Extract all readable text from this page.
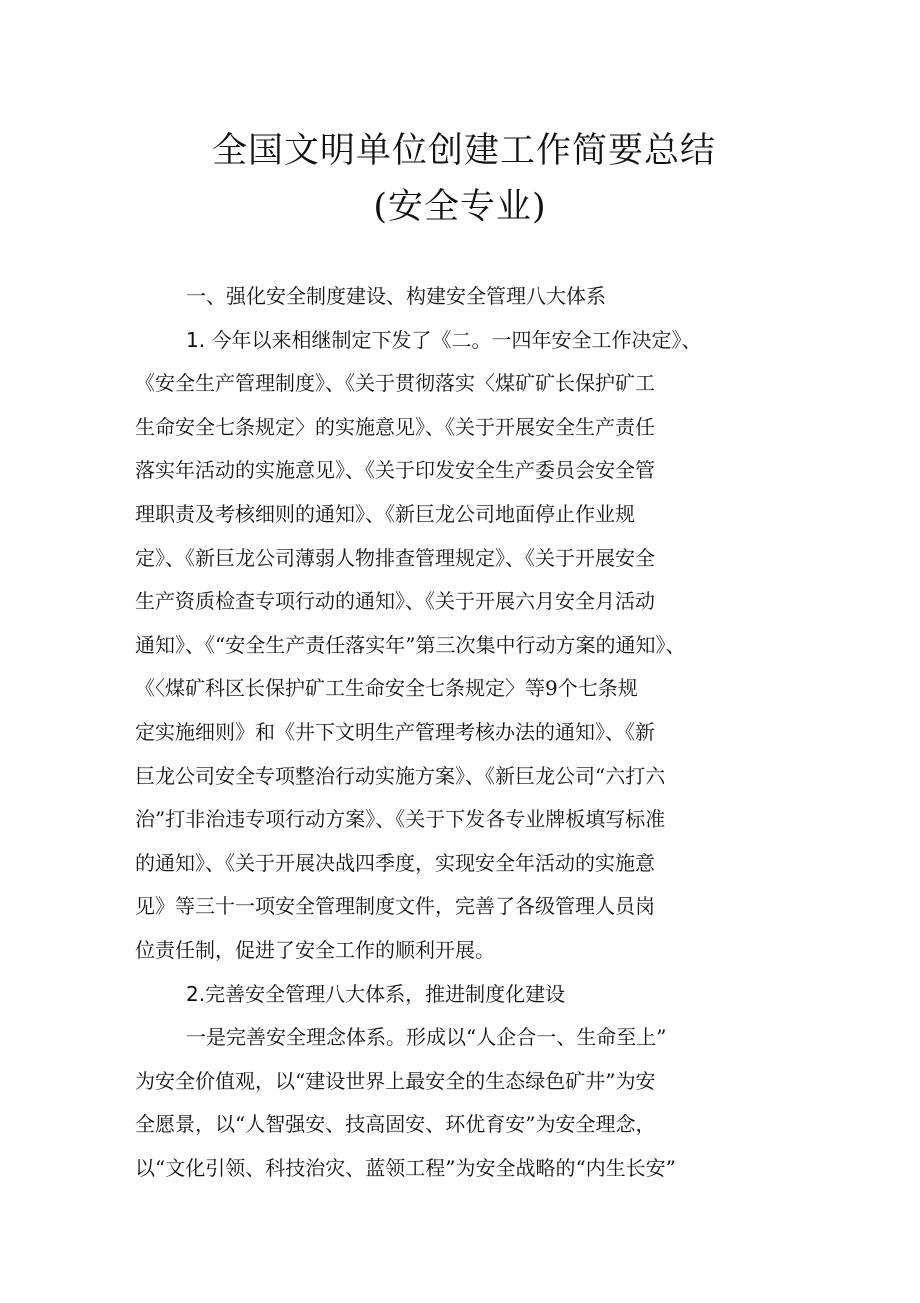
全国文明单位创建工作简要总结
(安全专业)
一、强化安全制度建设、构建安全管理八大体系
1. 今年以来相继制定下发了《二。一四年安全工作决定》、
《安全生产管理制度》、《关于贯彻落实〈煤矿矿长保护矿工
生命安全七条规定〉的实施意见》、《关于开展安全生产责任
落实年活动的实施意见》、《关于印发安全生产委员会安全管
理职责及考核细则的通知》、《新巨龙公司地面停止作业规
定》、《新巨龙公司薄弱人物排查管理规定》、《关于开展安全
生产资质检查专项行动的通知》、《关于开展六月安全月活动
通知》、《“安全生产责任落实年”第三次集中行动方案的通知》、
《〈煤矿科区长保护矿工生命安全七条规定〉等9个七条规
定实施细则》和《井下文明生产管理考核办法的通知》、《新
巨龙公司安全专项整治行动实施方案》、《新巨龙公司“六打六
治”打非治违专项行动方案》、《关于下发各专业牌板填写标准
的通知》、《关于开展决战四季度，实现安全年活动的实施意
见》等三十一项安全管理制度文件，完善了各级管理人员岗
位责任制，促进了安全工作的顺利开展。
2.完善安全管理八大体系，推进制度化建设
一是完善安全理念体系。形成以“人企合一、生命至上”
为安全价值观，以“建设世界上最安全的生态绿色矿井”为安
全愿景，以“人智强安、技高固安、环优育安”为安全理念，
以“文化引领、科技治灾、蓝领工程”为安全战略的“内生长安”
